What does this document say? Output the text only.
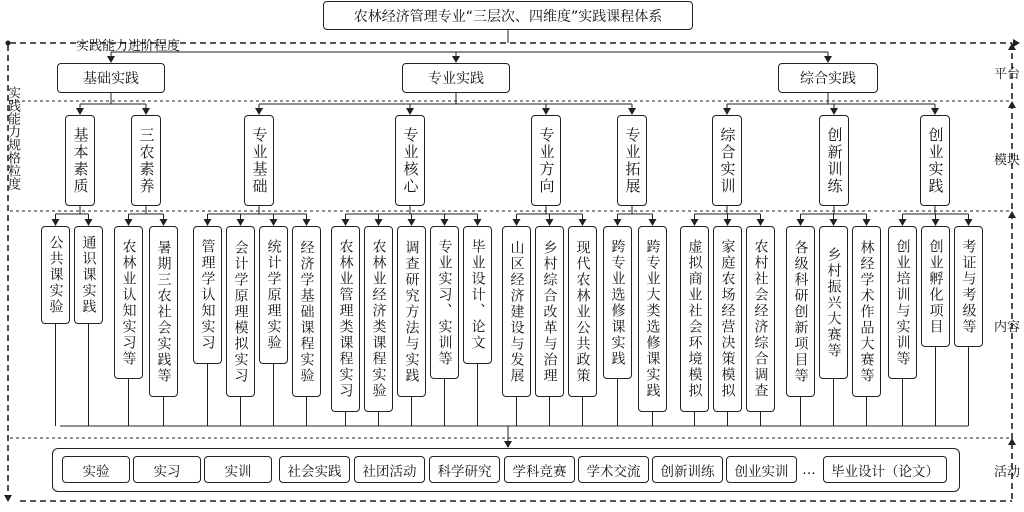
农林经济管理专业“三层次、四维度”实践课程体系
实践能力进阶程度
实践能力规格粒度
平台
模块
内容
活动
基础实践	专业实践	综合实践
基本素质	三农素养	专业基础	专业核心	专业方向	专业拓展	综合实训	创新训练	创业实践
公共课实验	通识课实践	农林业认知实习等	暑期三农社会实践等	管理学认知实习	会计学原理模拟实习	统计学原理实验	经济学基础课程实验	农林业管理类课程实习	农林业经济类课程实验	调查研究方法与实践	专业实习、实训等	毕业设计、论文	山区经济建设与发展	乡村综合改革与治理	现代农林业公共政策	跨专业选修课实践	跨专业大类选修课实践	虚拟商业社会环境模拟	家庭农场经营决策模拟	农村社会经济综合调查	各级科研创新项目等	乡村振兴大赛等	林经学术作品大赛等	创业培训与实训等	创业孵化项目	考证与考级等
实验	实习	实训	社会实践	社团活动	科学研究	学科竞赛	学术交流	创新训练	创业实训	…	毕业设计（论文）
